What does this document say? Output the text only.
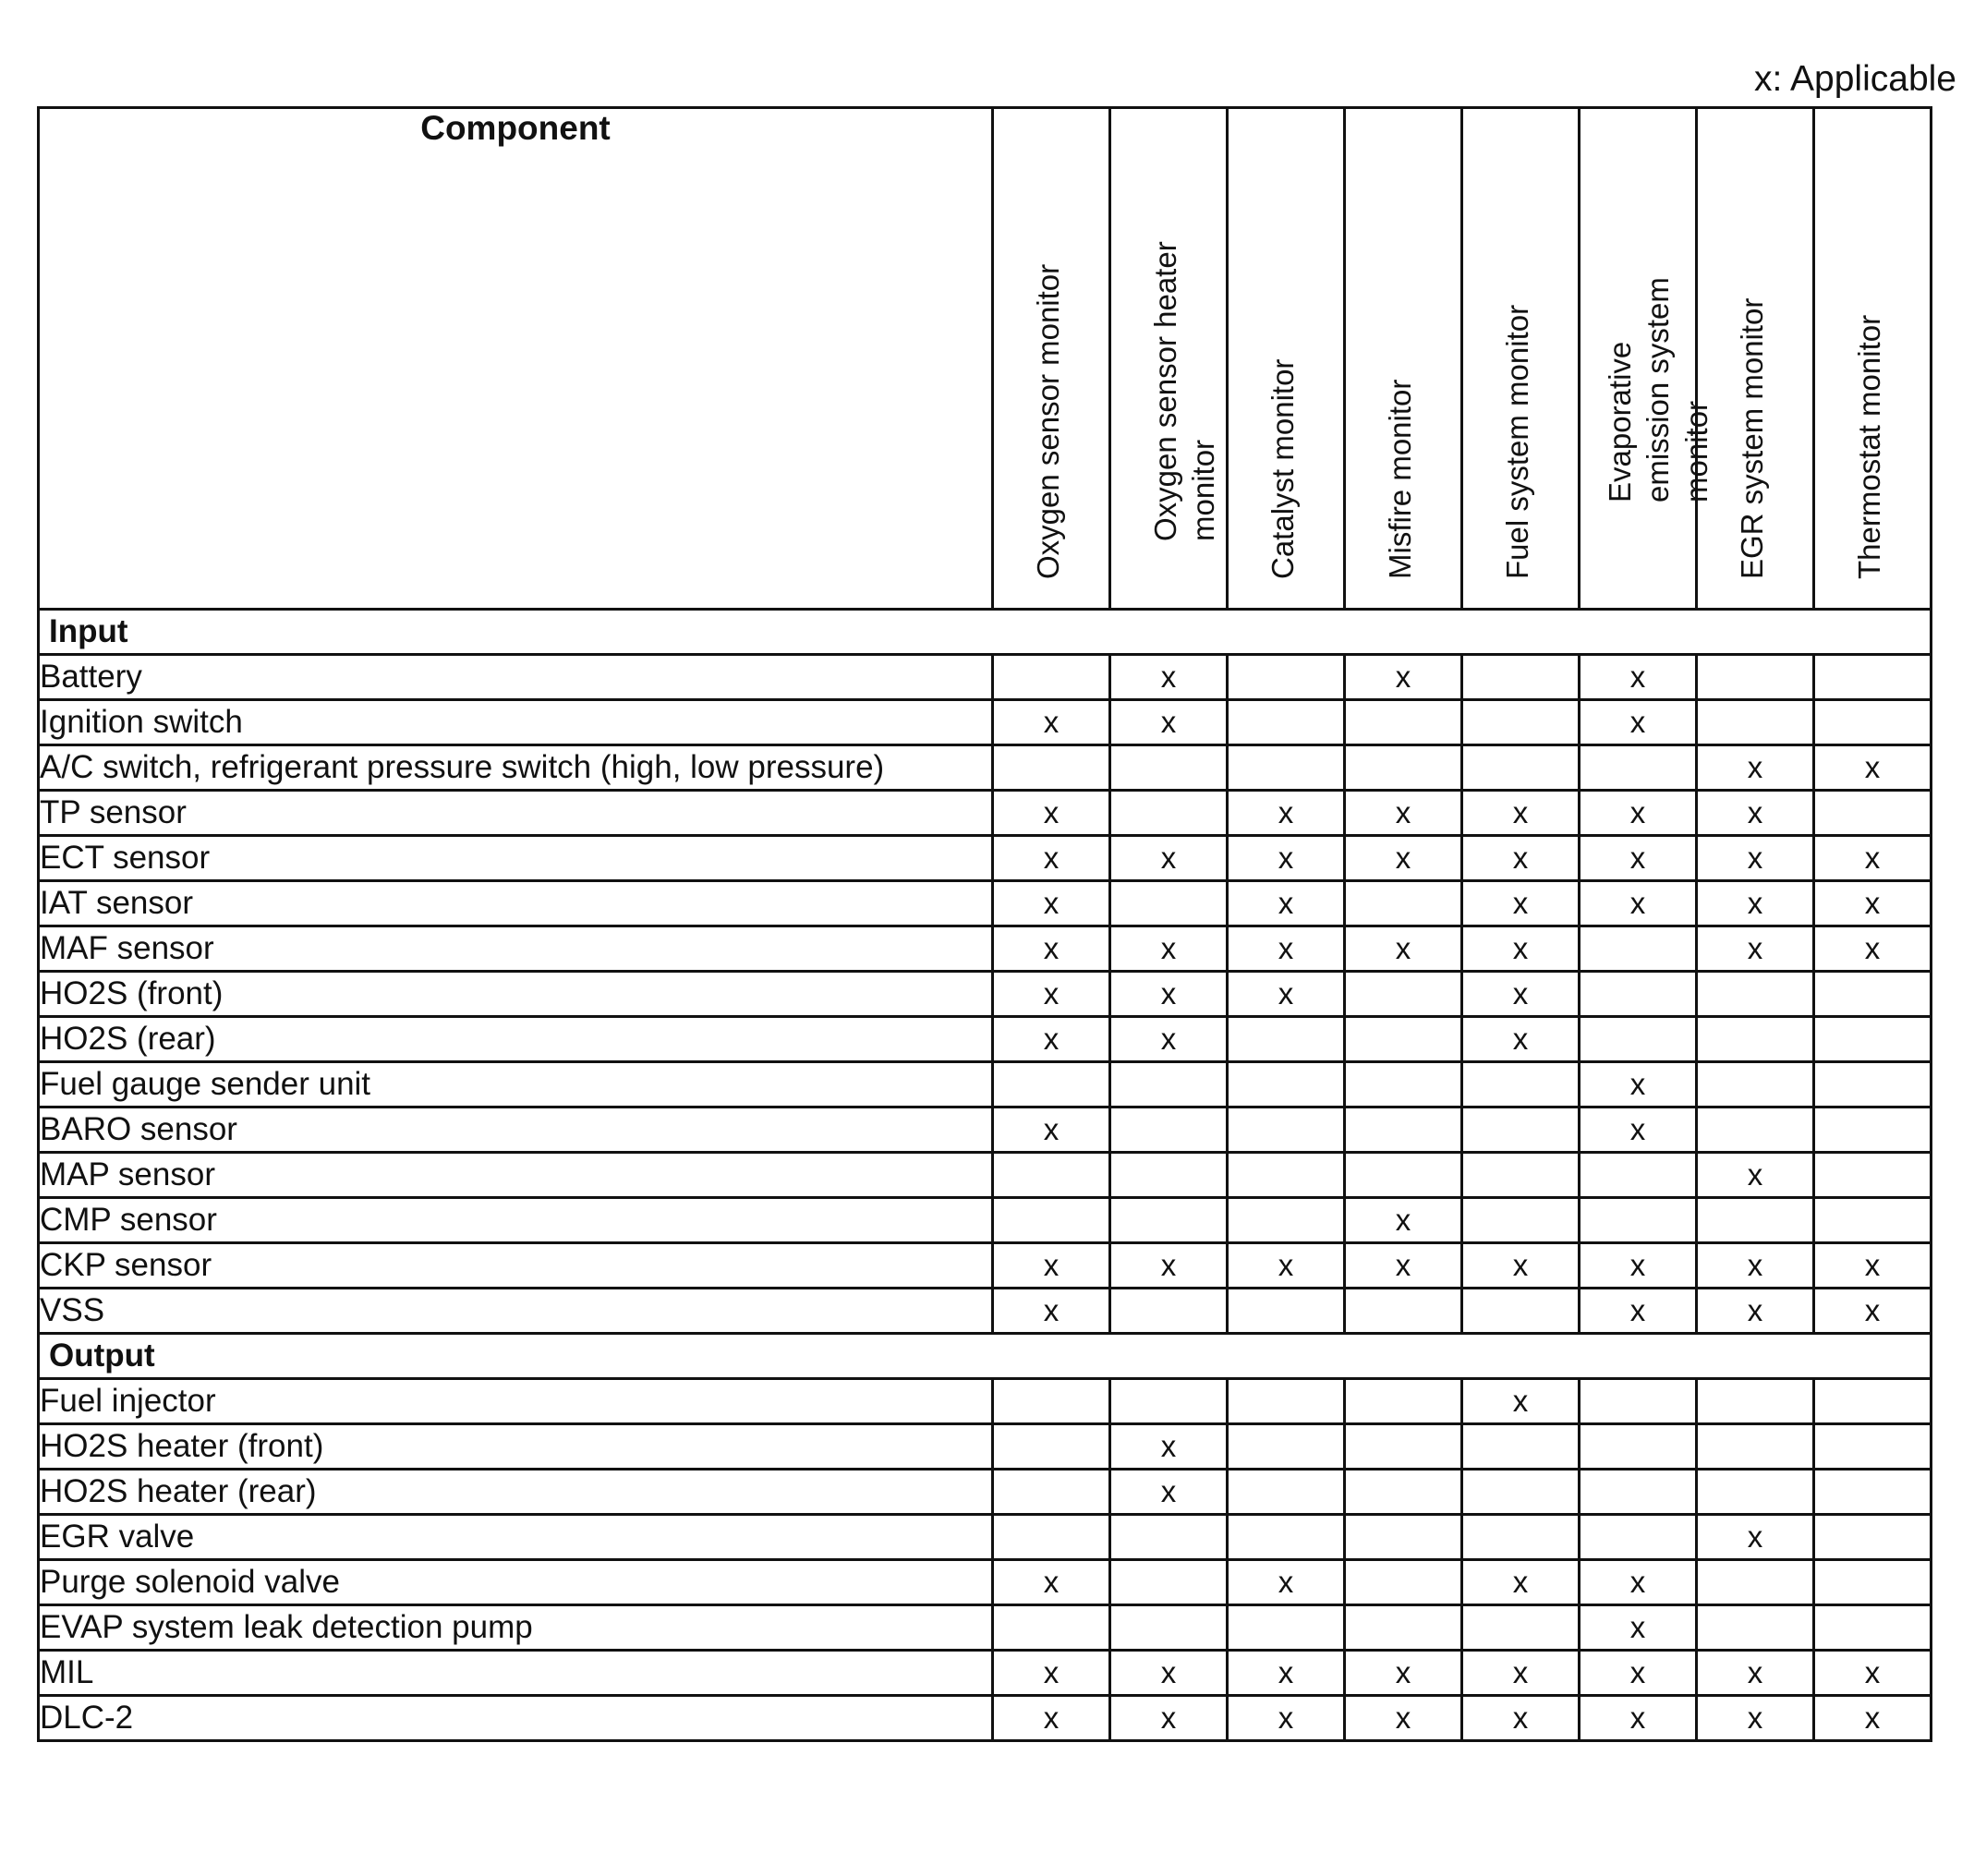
x: Applicable
Component	Oxygen sensor monitor	Oxygen sensor heater monitor	Catalyst monitor	Misfire monitor	Fuel system monitor	Evaporative emission system monitor	EGR system monitor	Thermostat monitor

Input								
Battery		x		x		x		
Ignition switch	x	x				x		
A/C switch, refrigerant pressure switch (high, low pressure)							x	x
TP sensor	x		x	x	x	x	x	
ECT sensor	x	x	x	x	x	x	x	x
IAT sensor	x		x		x	x	x	x
MAF sensor	x	x	x	x	x		x	x
HO2S (front)	x	x	x		x			
HO2S (rear)	x	x			x			
Fuel gauge sender unit						x		
BARO sensor	x					x		
MAP sensor							x	
CMP sensor				x				
CKP sensor	x	x	x	x	x	x	x	x
VSS	x					x	x	x
Output								
Fuel injector					x			
HO2S heater (front)		x						
HO2S heater (rear)		x						
EGR valve							x	
Purge solenoid valve	x		x		x	x		
EVAP system leak detection pump						x		
MIL	x	x	x	x	x	x	x	x
DLC-2	x	x	x	x	x	x	x	x
